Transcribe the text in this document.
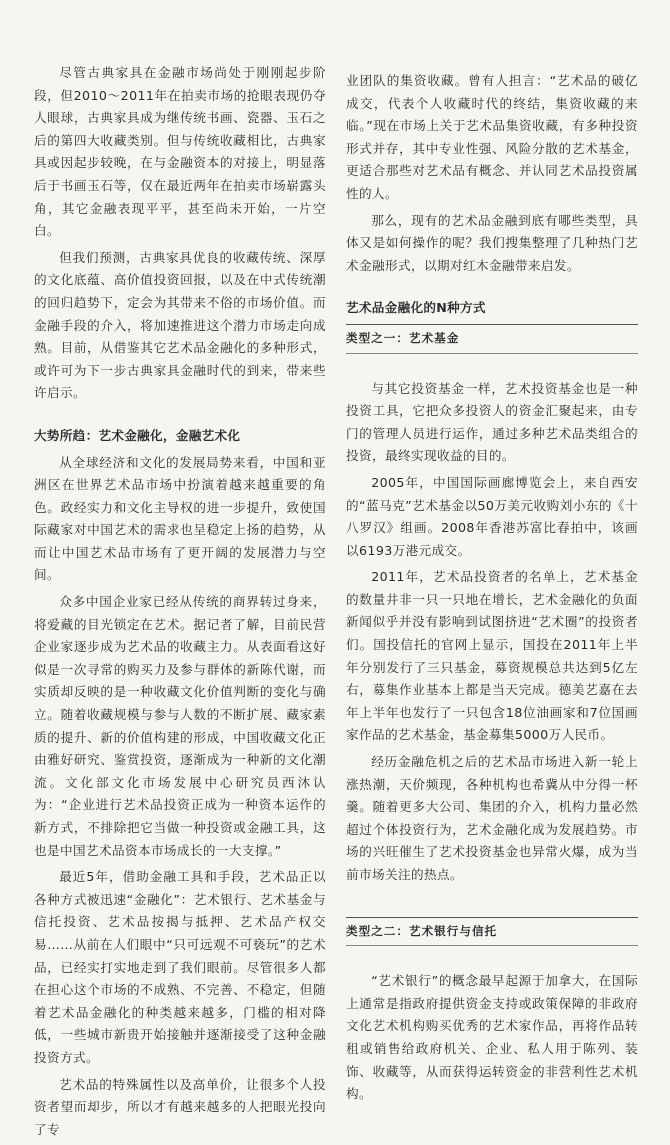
尽管古典家具在金融市场尚处于刚刚起步阶段，但2010～2011年在拍卖市场的抢眼表现仍夺人眼球，古典家具成为继传统书画、瓷器、玉石之后的第四大收藏类别。但与传统收藏相比，古典家具或因起步较晚，在与金融资本的对接上，明显落后于书画玉石等，仅在最近两年在拍卖市场崭露头角，其它金融表现平平，甚至尚未开始，一片空白。

但我们预测，古典家具优良的收藏传统、深厚的文化底蕴、高价值投资回报，以及在中式传统潮的回归趋势下，定会为其带来不俗的市场价值。而金融手段的介入，将加速推进这个潜力市场走向成熟。目前，从借鉴其它艺术品金融化的多种形式，或许可为下一步古典家具金融时代的到来，带来些许启示。

大势所趋：艺术金融化，金融艺术化

从全球经济和文化的发展局势来看，中国和亚洲区在世界艺术品市场中扮演着越来越重要的角色。政经实力和文化主导权的进一步提升，致使国际藏家对中国艺术的需求也呈稳定上扬的趋势，从而让中国艺术品市场有了更开阔的发展潜力与空间。

众多中国企业家已经从传统的商界转过身来，将爱藏的目光锁定在艺术。据记者了解，目前民营企业家逐步成为艺术品的收藏主力。从表面看这好似是一次寻常的购买力及参与群体的新陈代谢，而实质却反映的是一种收藏文化价值判断的变化与确立。随着收藏规模与参与人数的不断扩展、藏家素质的提升、新的价值构建的形成，中国收藏文化正由雅好研究、鉴赏投资，逐渐成为一种新的文化潮流。文化部文化市场发展中心研究员西沐认为：“企业进行艺术品投资正成为一种资本运作的新方式，不排除把它当做一种投资或金融工具，这也是中国艺术品资本市场成长的一大支撑。”

最近5年，借助金融工具和手段，艺术品正以各种方式被迅速“金融化”：艺术银行、艺术基金与信托投资、艺术品按揭与抵押、艺术品产权交易……从前在人们眼中“只可远观不可亵玩”的艺术品，已经实打实地走到了我们眼前。尽管很多人都在担心这个市场的不成熟、不完善、不稳定，但随着艺术品金融化的种类越来越多，门槛的相对降低，一些城市新贵开始接触并逐渐接受了这种金融投资方式。

艺术品的特殊属性以及高单价，让很多个人投资者望而却步，所以才有越来越多的人把眼光投向了专

业团队的集资收藏。曾有人担言：“艺术品的破亿成交，代表个人收藏时代的终结，集资收藏的来临。”现在市场上关于艺术品集资收藏，有多种投资形式并存，其中专业性强、风险分散的艺术基金，更适合那些对艺术品有概念、并认同艺术品投资属性的人。

那么，现有的艺术品金融到底有哪些类型，具体又是如何操作的呢？我们搜集整理了几种热门艺术金融形式，以期对红木金融带来启发。

艺术品金融化的N种方式
类型之一：艺术基金

与其它投资基金一样，艺术投资基金也是一种投资工具，它把众多投资人的资金汇聚起来，由专门的管理人员进行运作，通过多种艺术品类组合的投资，最终实现收益的目的。

2005年，中国国际画廊博览会上，来自西安的“蓝马克”艺术基金以50万美元收购刘小东的《十八罗汉》组画。2008年香港苏富比春拍中，该画以6193万港元成交。

2011年，艺术品投资者的名单上，艺术基金的数量井非一只一只地在增长，艺术金融化的负面新闻似乎并没有影响到试图挤进“艺术圈”的投资者们。国投信托的官网上显示，国投在2011年上半年分别发行了三只基金，募资规模总共达到5亿左右，募集作业基本上都是当天完成。德美艺嘉在去年上半年也发行了一只包含18位油画家和7位国画家作品的艺术基金，基金募集5000万人民币。

经历金融危机之后的艺术品市场进入新一轮上涨热潮，天价频现，各种机构也希冀从中分得一杯羹。随着更多大公司、集团的介入，机构力量必然超过个体投资行为，艺术金融化成为发展趋势。市场的兴旺催生了艺术投资基金也异常火爆，成为当前市场关注的热点。

类型之二：艺术银行与信托

“艺术银行”的概念最早起源于加拿大，在国际上通常是指政府提供资金支持或政策保障的非政府文化艺术机构购买优秀的艺术家作品，再将作品转租或销售给政府机关、企业、私人用于陈列、装饰、收藏等，从而获得运转资金的非营利性艺术机构。
